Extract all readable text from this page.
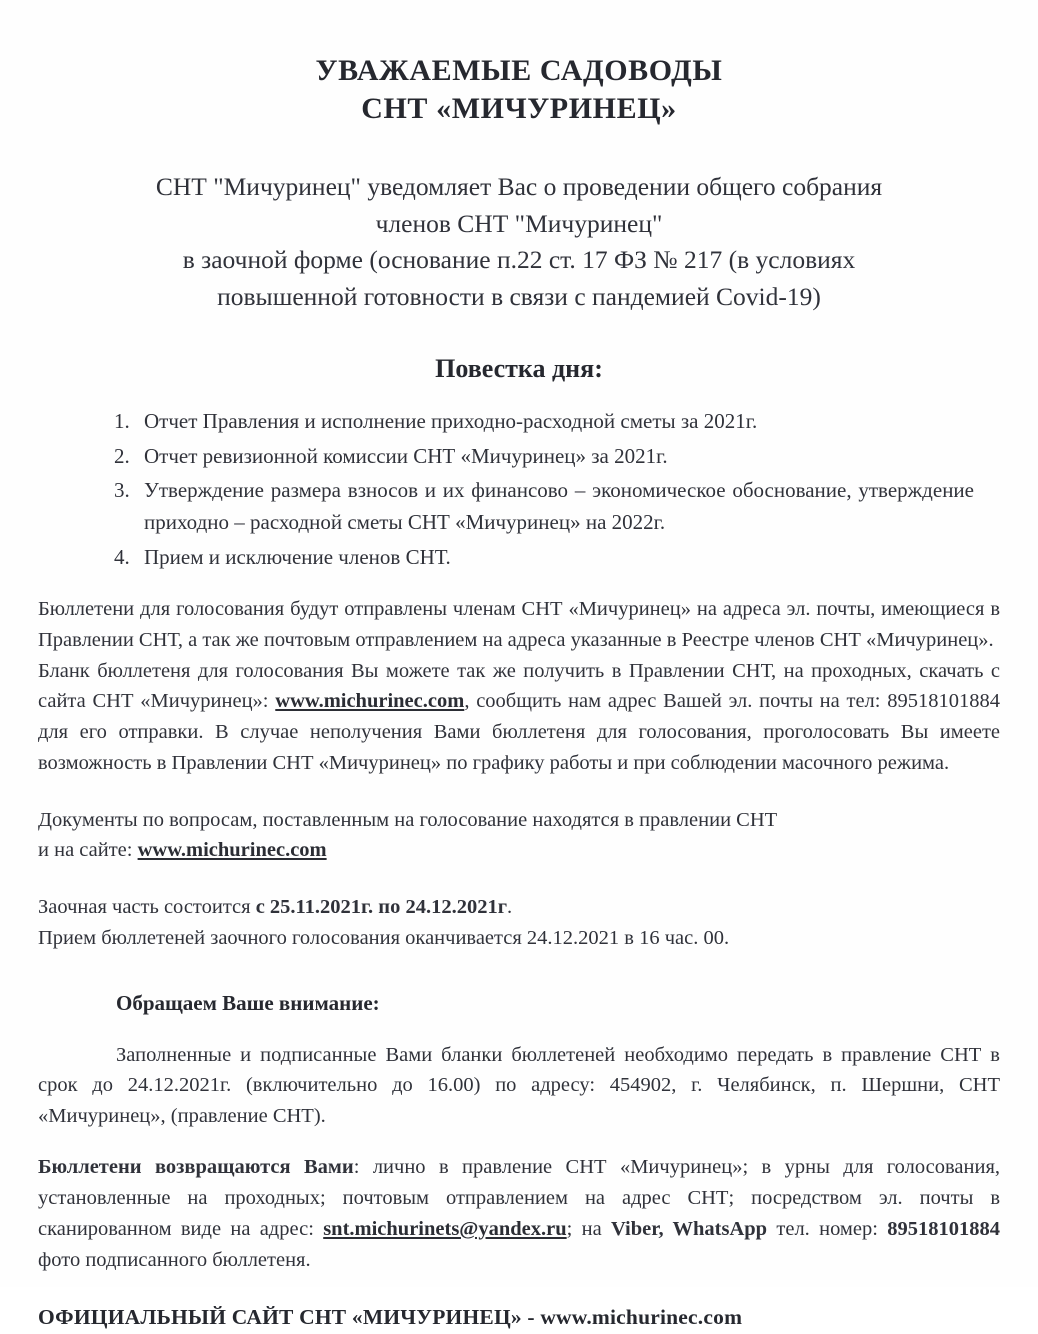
УВАЖАЕМЫЕ САДОВОДЫ
СНТ «МИЧУРИНЕЦ»
СНТ "Мичуринец" уведомляет Вас о проведении общего собрания
членов СНТ "Мичуринец"
в заочной форме (основание п.22 ст. 17 ФЗ № 217 (в условиях
повышенной готовности в связи с пандемией Covid-19)
Повестка дня:
Отчет Правления и исполнение приходно-расходной сметы за 2021г.
Отчет ревизионной комиссии СНТ «Мичуринец» за 2021г.
Утверждение размера взносов и их финансово – экономическое обоснование, утверждение приходно – расходной сметы СНТ «Мичуринец» на 2022г.
Прием и исключение членов СНТ.

Бюллетени для голосования будут отправлены членам СНТ «Мичуринец» на адреса эл. почты, имеющиеся в Правлении СНТ, а так же почтовым отправлением на адреса указанные в Реестре членов СНТ «Мичуринец».

Бланк бюллетеня для голосования Вы можете так же получить в Правлении СНТ, на проходных, скачать с сайта СНТ «Мичуринец»: www.michurinec.com, сообщить нам адрес Вашей эл. почты на тел: 89518101884 для его отправки. В случае неполучения Вами бюллетеня для голосования, проголосовать Вы имеете возможность в Правлении СНТ «Мичуринец» по графику работы и при соблюдении масочного режима.

Документы по вопросам, поставленным на голосование находятся в правлении СНТ

и на сайте: www.michurinec.com

Заочная часть состоится с 25.11.2021г. по 24.12.2021г.

Прием бюллетеней заочного голосования оканчивается 24.12.2021 в 16 час. 00.

Обращаем Ваше внимание:

Заполненные и подписанные Вами бланки бюллетеней необходимо передать в правление СНТ в срок до 24.12.2021г. (включительно до 16.00) по адресу: 454902, г. Челябинск, п. Шершни, СНТ «Мичуринец», (правление СНТ).

Бюллетени возвращаются Вами: лично в правление СНТ «Мичуринец»; в урны для голосования, установленные на проходных; почтовым отправлением на адрес СНТ; посредством эл. почты в сканированном виде на адрес: snt.michurinets@yandex.ru; на Viber, WhatsApp тел. номер: 89518101884 фото подписанного бюллетеня.

ОФИЦИАЛЬНЫЙ САЙТ СНТ «МИЧУРИНЕЦ» - www.michurinec.com
